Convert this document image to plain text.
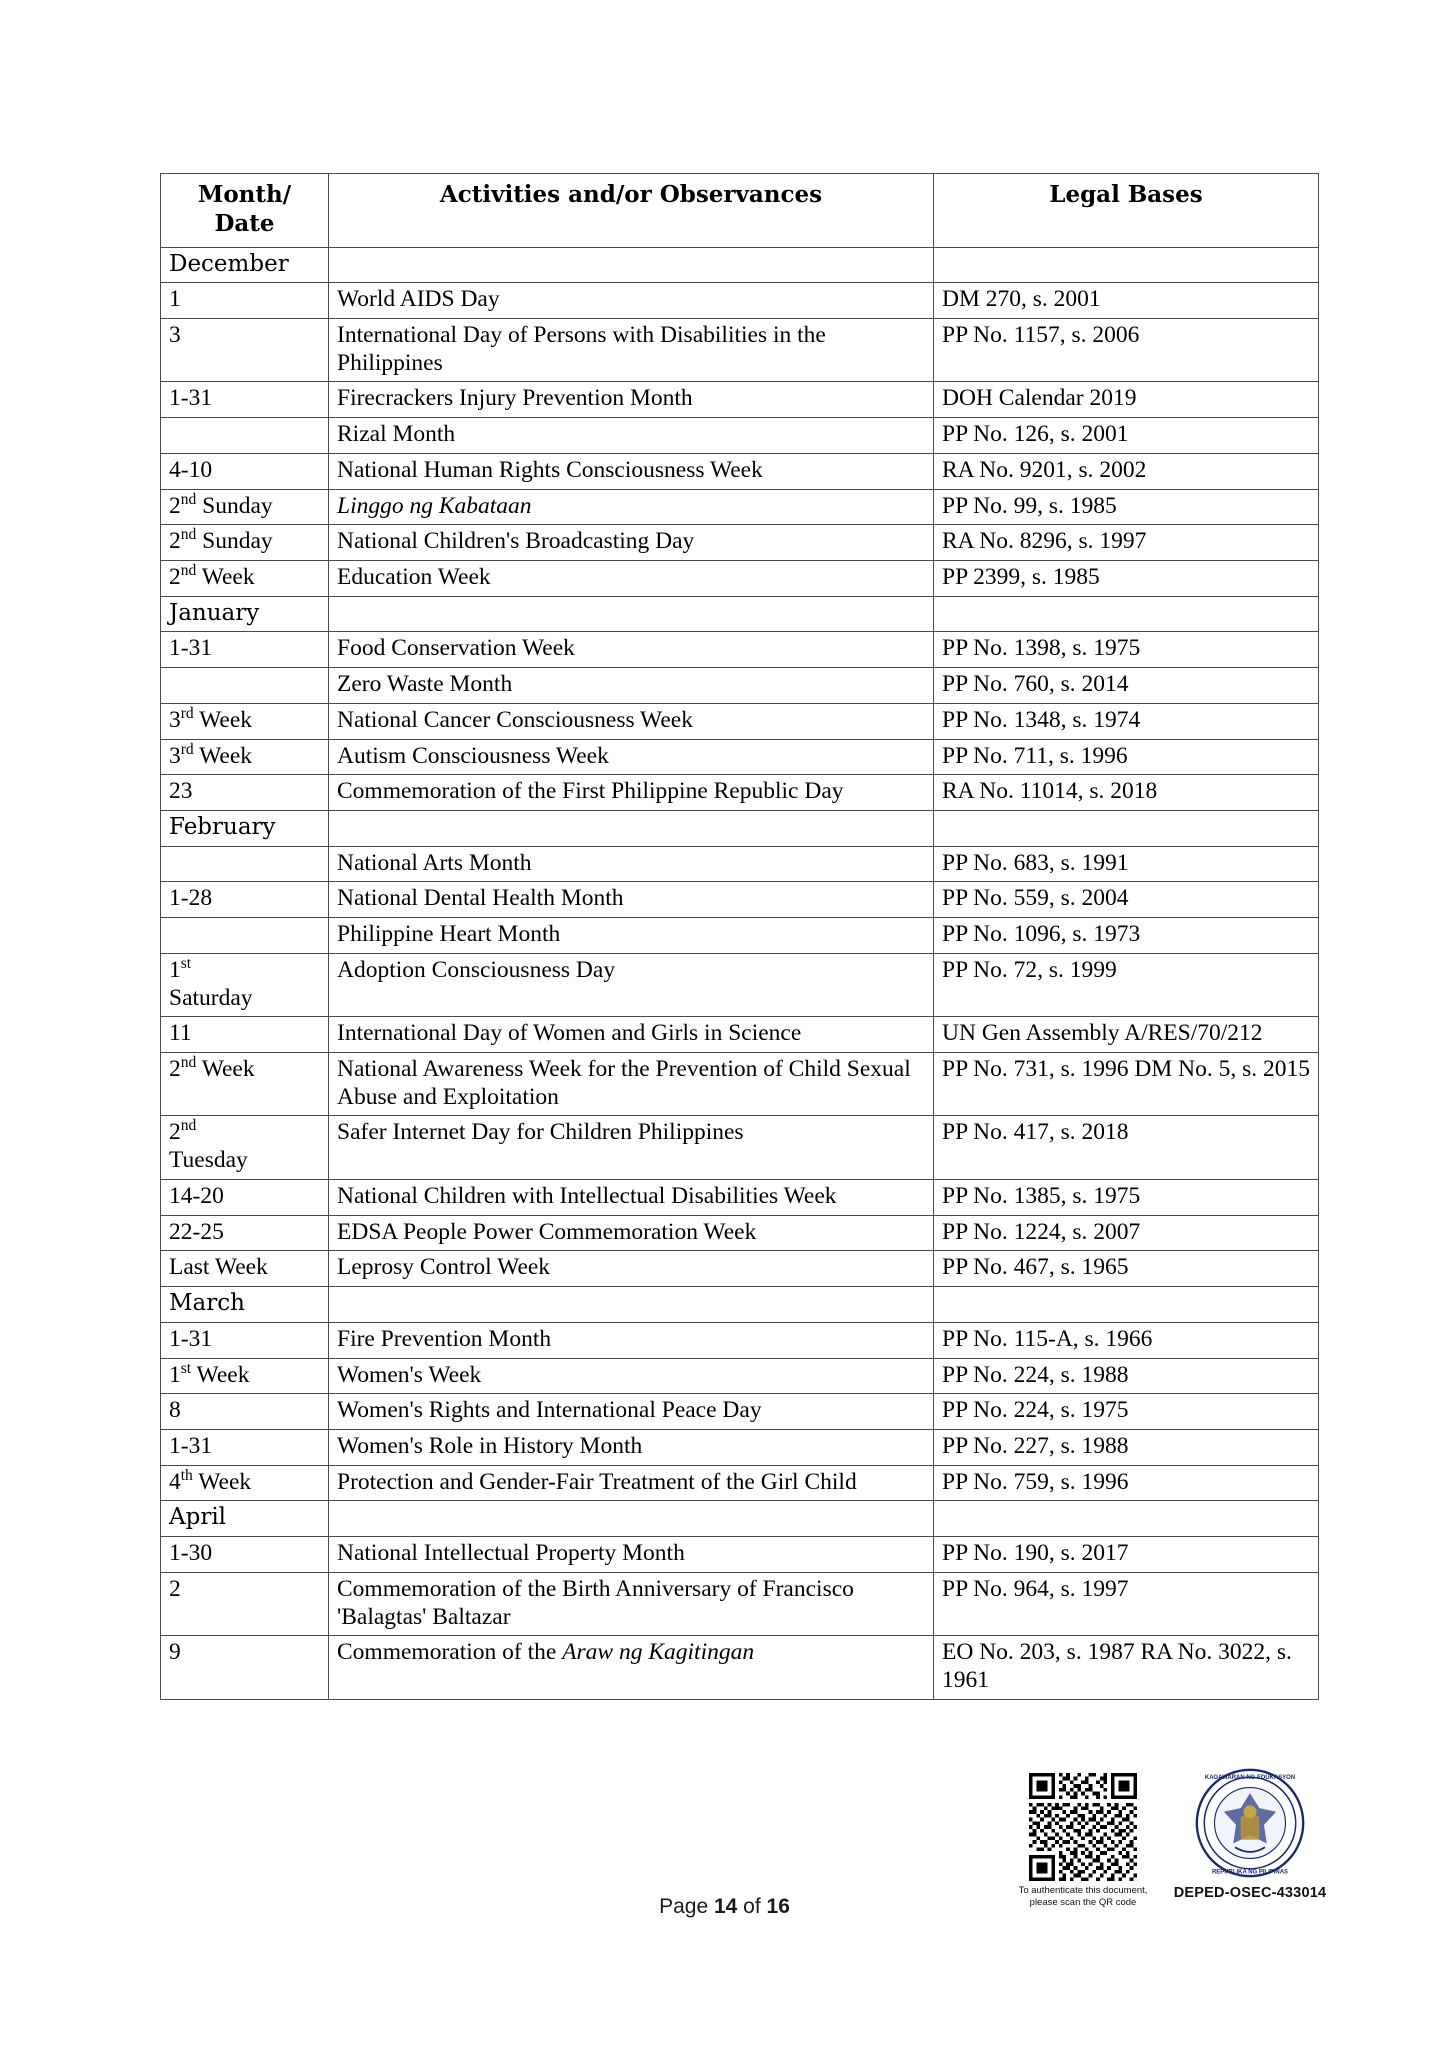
Month/
Date	Activities and/or Observances	Legal Bases
December		
1	World AIDS Day	DM 270, s. 2001
3	International Day of Persons with Disabilities in the Philippines	PP No. 1157, s. 2006
1-31	Firecrackers Injury Prevention Month	DOH Calendar 2019
	Rizal Month	PP No. 126, s. 2001
4-10	National Human Rights Consciousness Week	RA No. 9201, s. 2002
2nd Sunday	Linggo ng Kabataan	PP No. 99, s. 1985
2nd Sunday	National Children's Broadcasting Day	RA No. 8296, s. 1997
2nd Week	Education Week	PP 2399, s. 1985
January		
1-31	Food Conservation Week	PP No. 1398, s. 1975
	Zero Waste Month	PP No. 760, s. 2014
3rd Week	National Cancer Consciousness Week	PP No. 1348, s. 1974
3rd Week	Autism Consciousness Week	PP No. 711, s. 1996
23	Commemoration of the First Philippine Republic Day	RA No. 11014, s. 2018
February		
	National Arts Month	PP No. 683, s. 1991
1-28	National Dental Health Month	PP No. 559, s. 2004
	Philippine Heart Month	PP No. 1096, s. 1973
1st
Saturday	Adoption Consciousness Day	PP No. 72, s. 1999
11	International Day of Women and Girls in Science	UN Gen Assembly A/RES/70/212
2nd Week	National Awareness Week for the Prevention of Child Sexual Abuse and Exploitation	PP No. 731, s. 1996 DM No. 5, s. 2015
2nd
Tuesday	Safer Internet Day for Children Philippines	PP No. 417, s. 2018
14-20	National Children with Intellectual Disabilities Week	PP No. 1385, s. 1975
22-25	EDSA People Power Commemoration Week	PP No. 1224, s. 2007
Last Week	Leprosy Control Week	PP No. 467, s. 1965
March		
1-31	Fire Prevention Month	PP No. 115-A, s. 1966
1st Week	Women's Week	PP No. 224, s. 1988
8	Women's Rights and International Peace Day	PP No. 224, s. 1975
1-31	Women's Role in History Month	PP No. 227, s. 1988
4th Week	Protection and Gender-Fair Treatment of the Girl Child	PP No. 759, s. 1996
April		
1-30	National Intellectual Property Month	PP No. 190, s. 2017
2	Commemoration of the Birth Anniversary of Francisco 'Balagtas' Baltazar	PP No. 964, s. 1997
9	Commemoration of the Araw ng Kagitingan	EO No. 203, s. 1987 RA No. 3022, s. 1961
Page 14 of 16
To authenticate this document,
please scan the QR code
KAGAWARAN NG EDUKASYON
REPUBLIKA NG PILIPINAS
DEPED-OSEC-433014
